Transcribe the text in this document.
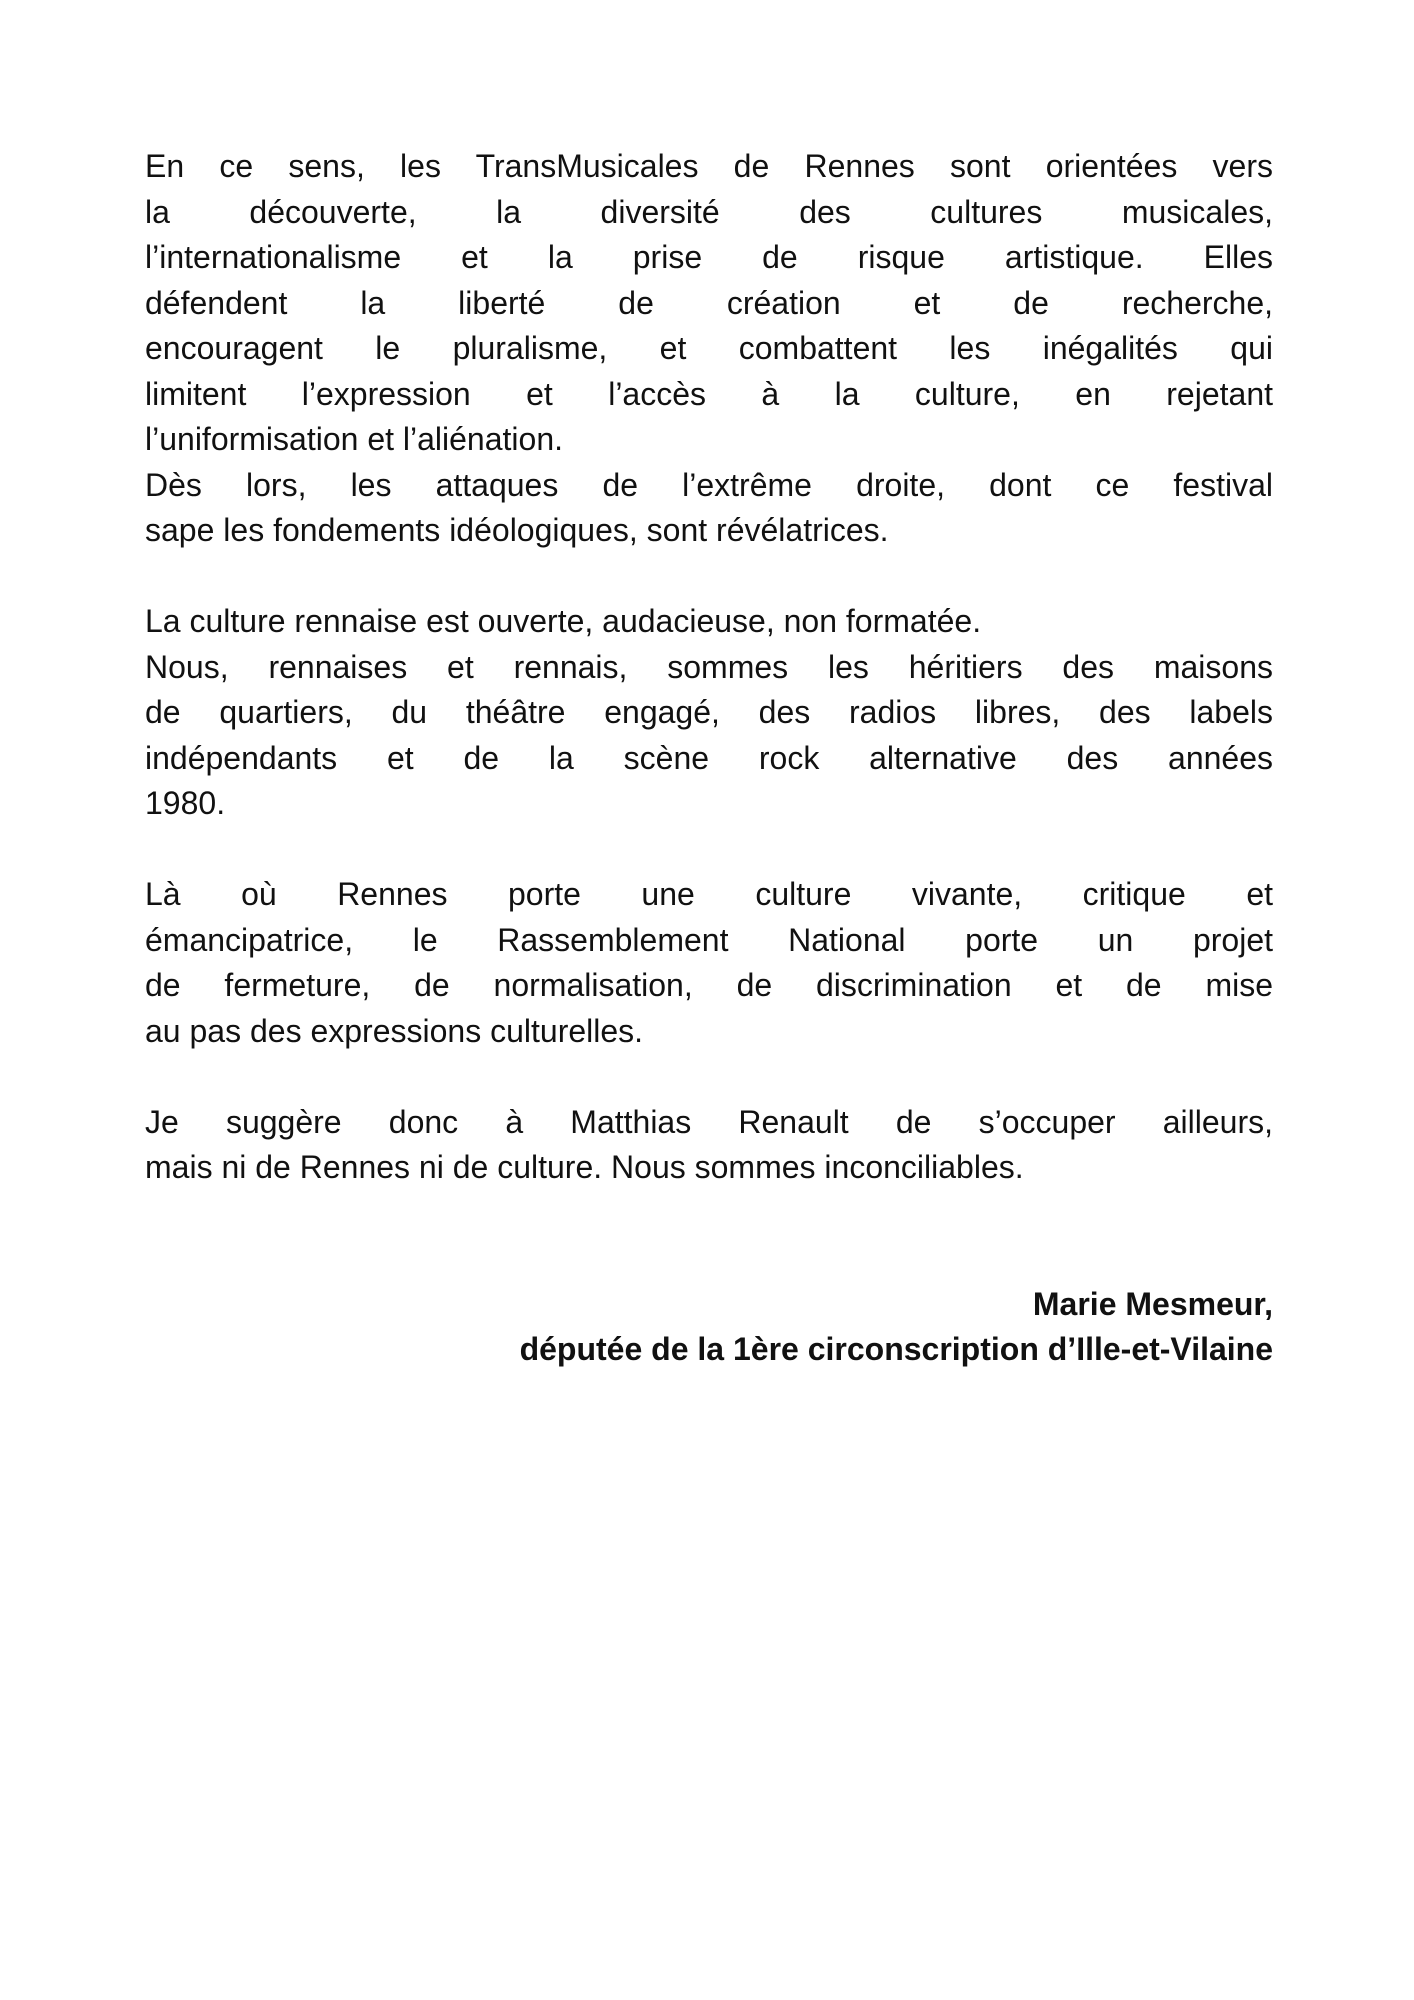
En ce sens, les TransMusicales de Rennes sont orientées vers
la découverte, la diversité des cultures musicales,
l’internationalisme et la prise de risque artistique. Elles
défendent la liberté de création et de recherche,
encouragent le pluralisme, et combattent les inégalités qui
limitent l’expression et l’accès à la culture, en rejetant
l’uniformisation et l’aliénation.
Dès lors, les attaques de l’extrême droite, dont ce festival
sape les fondements idéologiques, sont révélatrices.
La culture rennaise est ouverte, audacieuse, non formatée.
Nous, rennaises et rennais, sommes les héritiers des maisons
de quartiers, du théâtre engagé, des radios libres, des labels
indépendants et de la scène rock alternative des années
1980.
Là où Rennes porte une culture vivante, critique et
émancipatrice, le Rassemblement National porte un projet
de fermeture, de normalisation, de discrimination et de mise
au pas des expressions culturelles.
Je suggère donc à Matthias Renault de s’occuper ailleurs,
mais ni de Rennes ni de culture. Nous sommes inconciliables.
Marie Mesmeur,
députée de la 1ère circonscription d’Ille-et-Vilaine
